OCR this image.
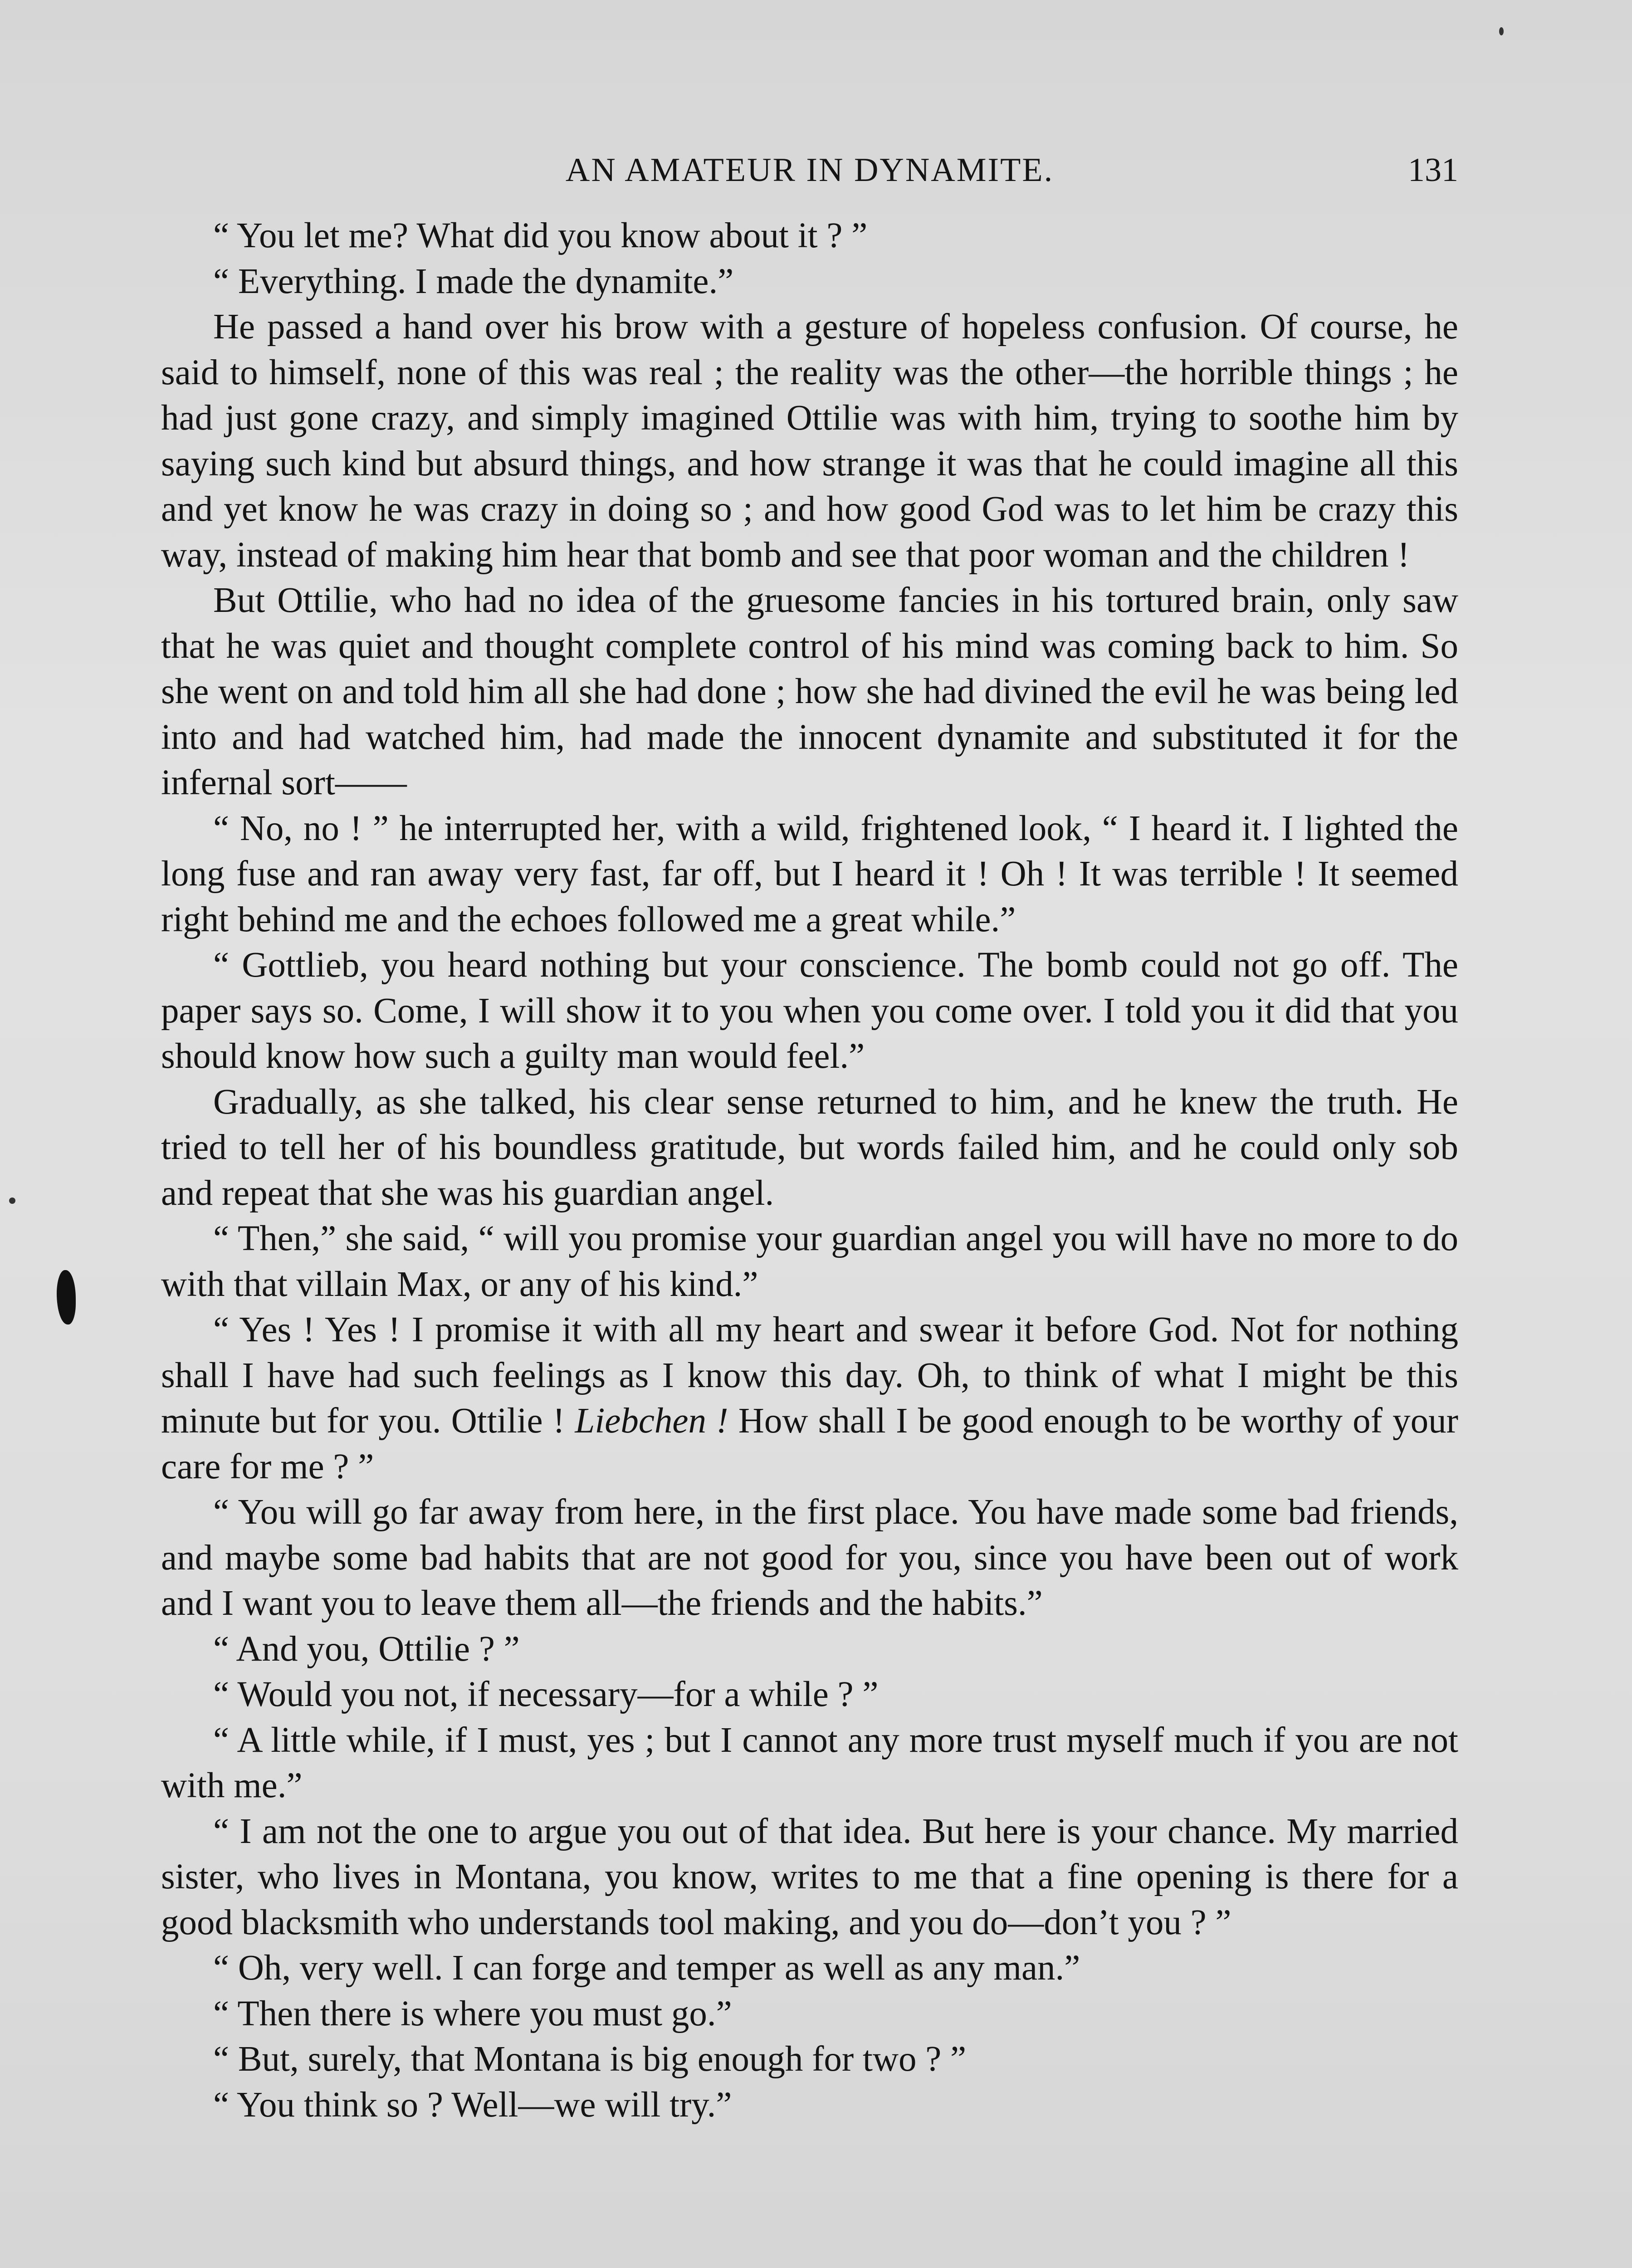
AN AMATEUR IN DYNAMITE.	131

“ You let me? What did you know about it ? ”

“ Everything. I made the dynamite.”

He passed a hand over his brow with a gesture of hopeless confusion. Of course, he said to himself, none of this was real ; the reality was the other—the horrible things ; he had just gone crazy, and simply imagined Ottilie was with him, trying to soothe him by saying such kind but absurd things, and how strange it was that he could imagine all this and yet know he was crazy in doing so ; and how good God was to let him be crazy this way, instead of making him hear that bomb and see that poor woman and the children !

But Ottilie, who had no idea of the gruesome fancies in his tortured brain, only saw that he was quiet and thought complete control of his mind was coming back to him. So she went on and told him all she had done ; how she had divined the evil he was being led into and had watched him, had made the innocent dynamite and substituted it for the infernal sort——

“ No, no ! ” he interrupted her, with a wild, frightened look, “ I heard it. I lighted the long fuse and ran away very fast, far off, but I heard it ! Oh ! It was terrible ! It seemed right behind me and the echoes followed me a great while.”

“ Gottlieb, you heard nothing but your conscience. The bomb could not go off. The paper says so. Come, I will show it to you when you come over. I told you it did that you should know how such a guilty man would feel.”

Gradually, as she talked, his clear sense returned to him, and he knew the truth. He tried to tell her of his boundless gratitude, but words failed him, and he could only sob and repeat that she was his guardian angel.

“ Then,” she said, “ will you promise your guardian angel you will have no more to do with that villain Max, or any of his kind.”

“ Yes ! Yes ! I promise it with all my heart and swear it before God. Not for nothing shall I have had such feelings as I know this day. Oh, to think of what I might be this minute but for you. Ottilie ! Liebchen ! How shall I be good enough to be worthy of your care for me ? ”

“ You will go far away from here, in the first place. You have made some bad friends, and maybe some bad habits that are not good for you, since you have been out of work and I want you to leave them all—the friends and the habits.”

“ And you, Ottilie ? ”

“ Would you not, if necessary—for a while ? ”

“ A little while, if I must, yes ; but I cannot any more trust myself much if you are not with me.”

“ I am not the one to argue you out of that idea. But here is your chance. My married sister, who lives in Montana, you know, writes to me that a fine opening is there for a good blacksmith who understands tool making, and you do—don’t you ? ”

“ Oh, very well. I can forge and temper as well as any man.”

“ Then there is where you must go.”

“ But, surely, that Montana is big enough for two ? ”

“ You think so ? Well—we will try.”
